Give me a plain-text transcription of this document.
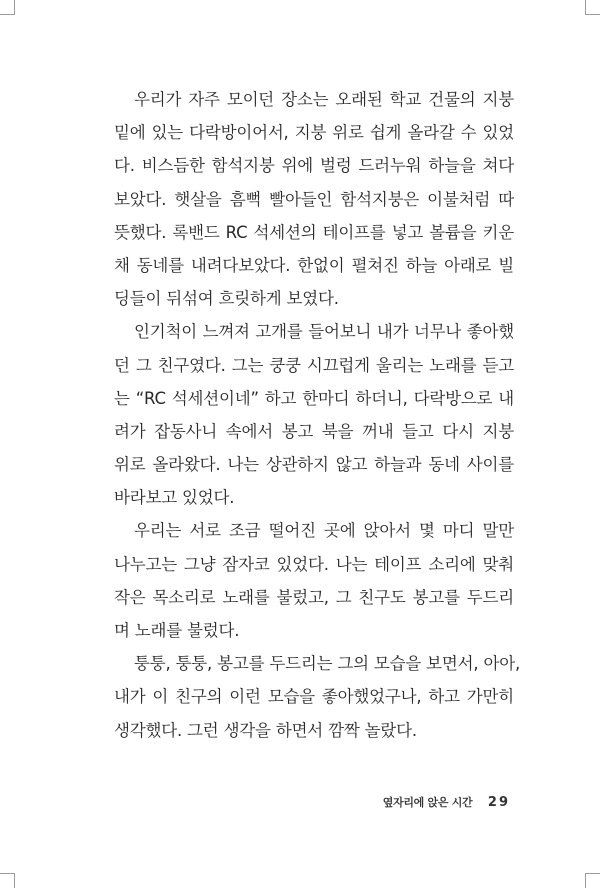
우리가 자주 모이던 장소는 오래된 학교 건물의 지붕
밑에 있는 다락방이어서, 지붕 위로 쉽게 올라갈 수 있었
다. 비스듬한 함석지붕 위에 벌렁 드러누워 하늘을 쳐다
보았다. 햇살을 흠뻑 빨아들인 함석지붕은 이불처럼 따
뜻했다. 록밴드 RC 석세션의 테이프를 넣고 볼륨을 키운
채 동네를 내려다보았다. 한없이 펼쳐진 하늘 아래로 빌
딩들이 뒤섞여 흐릿하게 보였다.
인기척이 느껴져 고개를 들어보니 내가 너무나 좋아했
던 그 친구였다. 그는 쿵쿵 시끄럽게 울리는 노래를 듣고
는 “RC 석세션이네” 하고 한마디 하더니, 다락방으로 내
려가 잡동사니 속에서 봉고 북을 꺼내 들고 다시 지붕
위로 올라왔다. 나는 상관하지 않고 하늘과 동네 사이를
바라보고 있었다.
우리는 서로 조금 떨어진 곳에 앉아서 몇 마디 말만
나누고는 그냥 잠자코 있었다. 나는 테이프 소리에 맞춰
작은 목소리로 노래를 불렀고, 그 친구도 봉고를 두드리
며 노래를 불렀다.
퉁퉁, 퉁퉁, 봉고를 두드리는 그의 모습을 보면서, 아아,
내가 이 친구의 이런 모습을 좋아했었구나, 하고 가만히
생각했다. 그런 생각을 하면서 깜짝 놀랐다.
옆자리에 앉은 시간 29
